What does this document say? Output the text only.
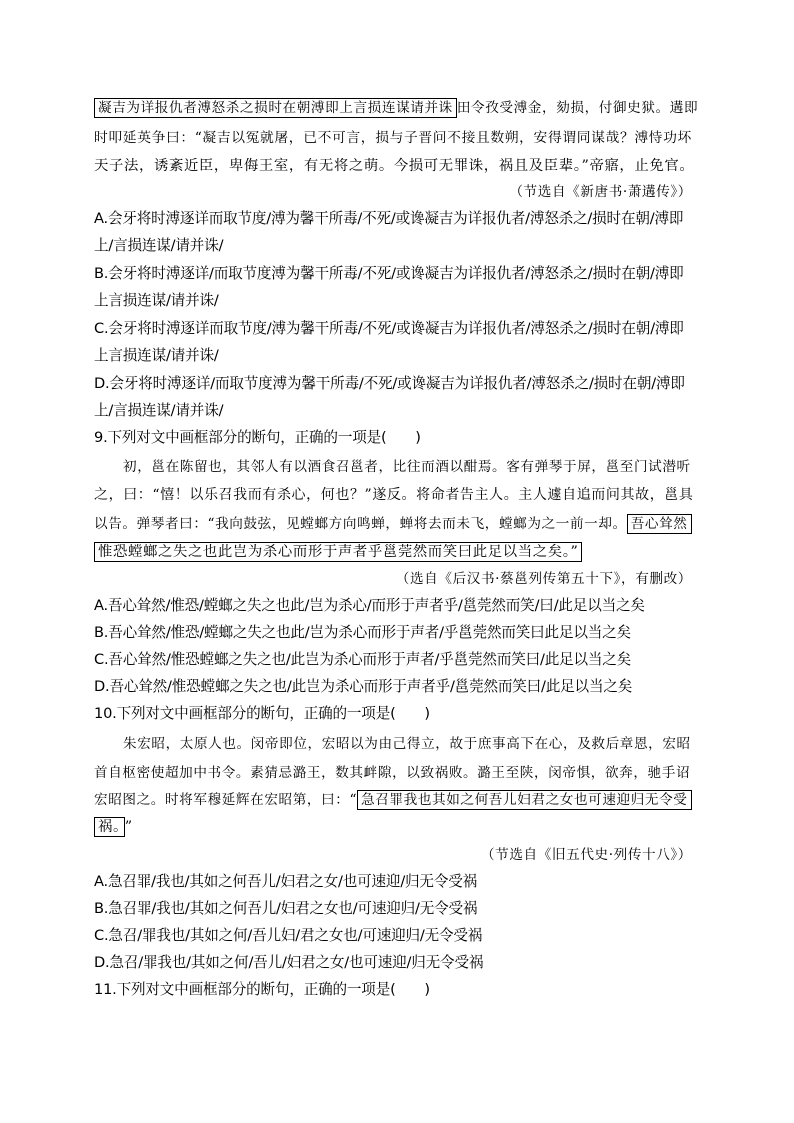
凝吉为详报仇者溥怒杀之损时在朝溥即上言损连谋请并诛 田令孜受溥金，劾损，付御史狱。遘即
时叩延英争曰：“凝吉以冤就屠，已不可言，损与子晋问不接且数朔，安得谓同谋哉？溥恃功坏
天子法，诱紊近臣，卑侮王室，有无将之萌。今损可无罪诛，祸且及臣辈。”帝寤，止免官。
（节选自《新唐书·萧遘传》）
A.会牙将时溥逐详而取节度/溥为馨干所毒/不死/或谗凝吉为详报仇者/溥怒杀之/损时在朝/溥即
上/言损连谋/请并诛/
B.会牙将时溥逐详/而取节度溥为馨干所毒/不死/或谗凝吉为详报仇者/溥怒杀之/损时在朝/溥即
上言损连谋/请并诛/
C.会牙将时溥逐详而取节度/溥为馨干所毒/不死/或谗凝吉为详报仇者/溥怒杀之/损时在朝/溥即
上言损连谋/请并诛/
D.会牙将时溥逐详/而取节度溥为馨干所毒/不死/或谗凝吉为详报仇者/溥怒杀之/损时在朝/溥即
上/言损连谋/请并诛/
9.下列对文中画框部分的断句，正确的一项是(　　)
初，邕在陈留也，其邻人有以酒食召邕者，比往而酒以酣焉。客有弹琴于屏，邕至门试潜听
之，曰：“憘！以乐召我而有杀心，何也？”遂反。将命者告主人。主人遽自追而问其故，邕具
以告。弹琴者曰：“我向鼓弦，见螳螂方向鸣蝉，蝉将去而未飞，螳螂为之一前一却。 吾心耸然
惟恐螳螂之失之也此岂为杀心而形于声者乎邕莞然而笑曰此足以当之矣。”
（选自《后汉书·蔡邕列传第五十下》，有删改）
A.吾心耸然/惟恐/螳螂之失之也此/岂为杀心/而形于声者乎/邕莞然而笑/曰/此足以当之矣
B.吾心耸然/惟恐/螳螂之失之也此/岂为杀心而形于声者/乎邕莞然而笑曰此足以当之矣
C.吾心耸然/惟恐螳螂之失之也/此岂为杀心而形于声者/乎邕莞然而笑曰/此足以当之矣
D.吾心耸然/惟恐螳螂之失之也/此岂为杀心而形于声者乎/邕莞然而笑曰/此足以当之矣
10.下列对文中画框部分的断句，正确的一项是(　　)
朱宏昭，太原人也。闵帝即位，宏昭以为由己得立，故于庶事高下在心，及救后章恩，宏昭
首自枢密使超加中书令。素猜忌潞王，数其衅隙，以致祸败。潞王至陕，闵帝惧，欲奔，驰手诏
宏昭图之。时将军穆延辉在宏昭第，曰：“ 急召罪我也其如之何吾儿妇君之女也可速迎归无令受
祸。 ”
（节选自《旧五代史·列传十八》）
A.急召罪/我也/其如之何吾儿/妇君之女/也可速迎/归无令受祸
B.急召罪/我也/其如之何吾儿/妇君之女也/可速迎归/无令受祸
C.急召/罪我也/其如之何/吾儿妇/君之女也/可速迎归/无令受祸
D.急召/罪我也/其如之何/吾儿/妇君之女/也可速迎/归无令受祸
11.下列对文中画框部分的断句，正确的一项是(　　)
